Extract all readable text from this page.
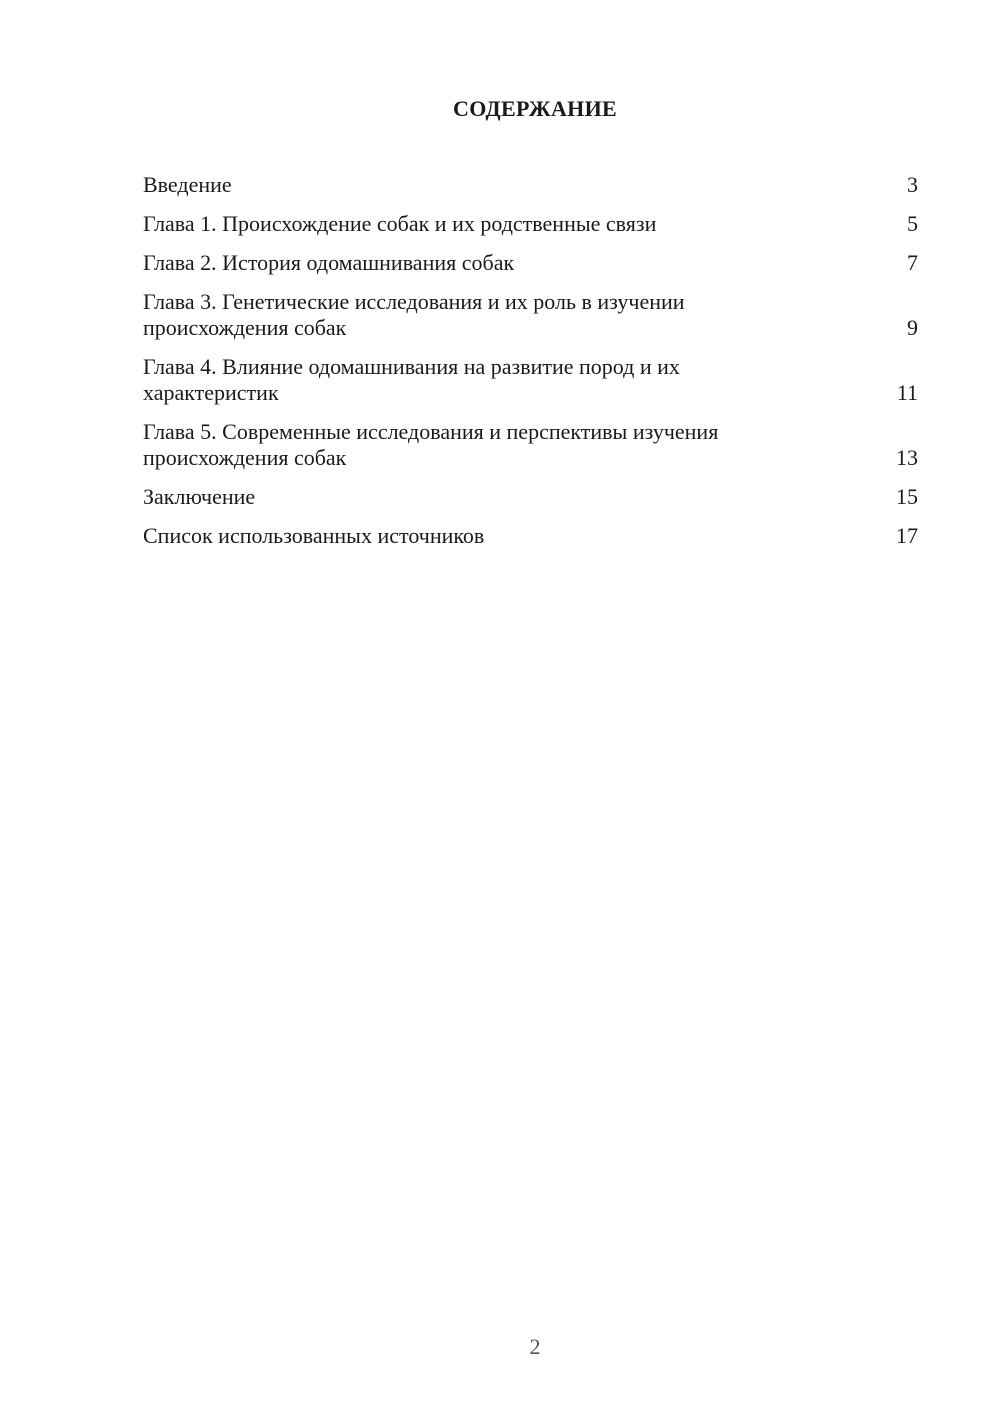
СОДЕРЖАНИЕ
Введение	3
Глава 1. Происхождение собак и их родственные связи	5
Глава 2. История одомашнивания собак	7
Глава 3. Генетические исследования и их роль в изучении происхождения собак	9
Глава 4. Влияние одомашнивания на развитие пород и их характеристик	11
Глава 5. Современные исследования и перспективы изучения происхождения собак	13
Заключение	15
Список использованных источников	17
2
